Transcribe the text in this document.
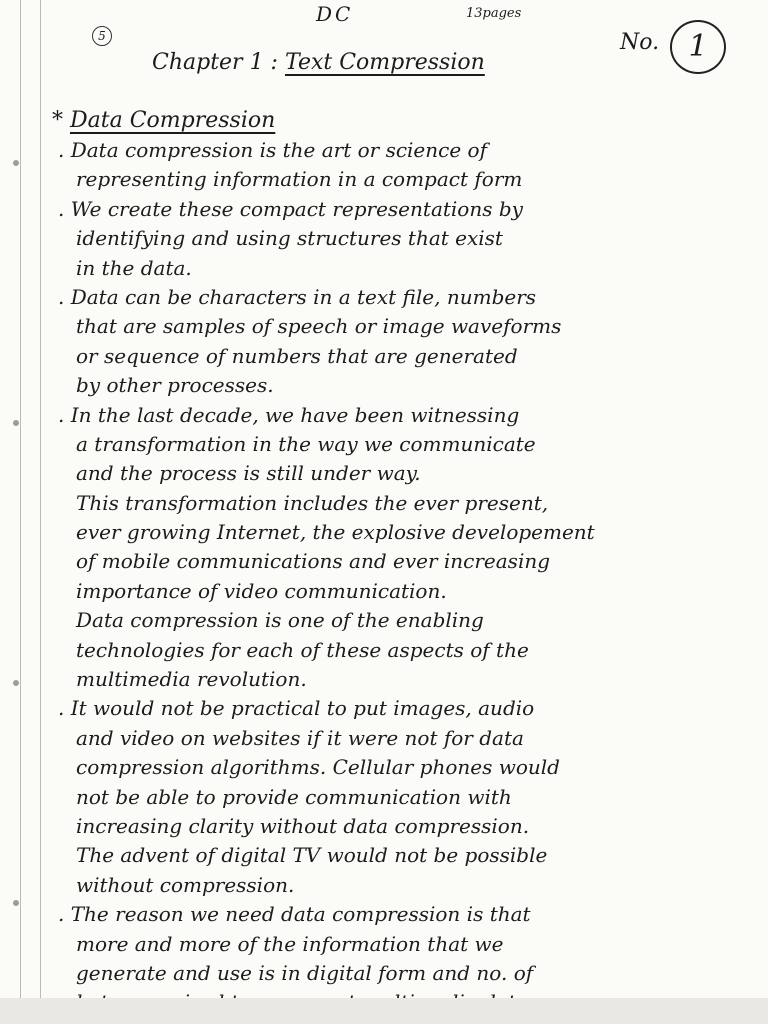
DC	13pages
5	No. 1
Chapter 1 : Text Compression
* Data Compression
. Data compression is the art or science of
representing information in a compact form
. We create these compact representations by
identifying and using structures that exist
in the data.
. Data can be characters in a text file, numbers
that are samples of speech or image waveforms
or sequence of numbers that are generated
by other processes.
. In the last decade, we have been witnessing
a transformation in the way we communicate
and the process is still under way.
This transformation includes the ever present,
ever growing Internet, the explosive developement
of mobile communications and ever increasing
importance of video communication.
Data compression is one of the enabling
technologies for each of these aspects of the
multimedia revolution.
. It would not be practical to put images, audio
and video on websites if it were not for data
compression algorithms. Cellular phones would
not be able to provide communication with
increasing clarity without data compression.
The advent of digital TV would not be possible
without compression.
. The reason we need data compression is that
more and more of the information that we
generate and use is in digital form and no. of
